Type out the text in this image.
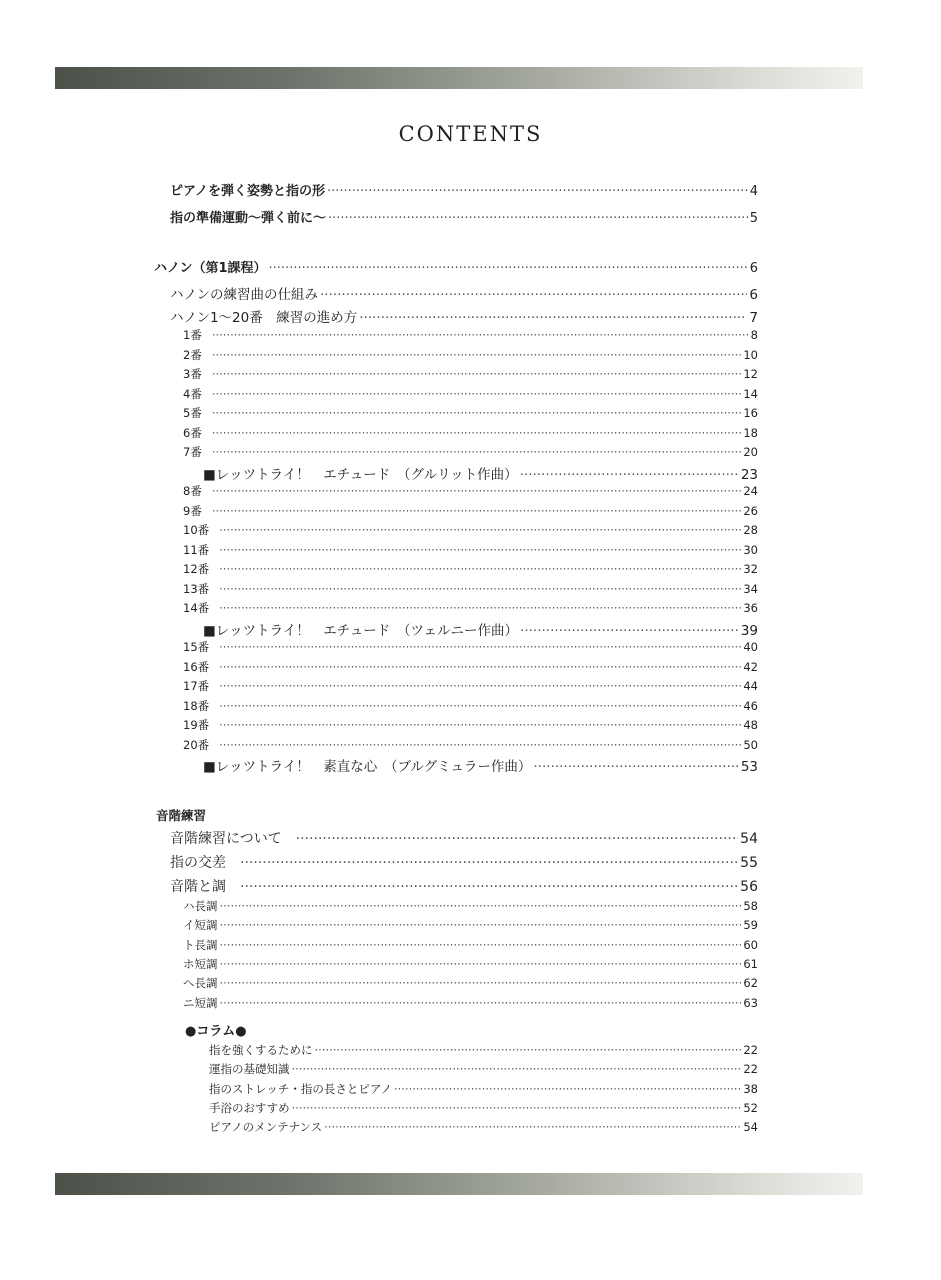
CONTENTS
ピアノを弾く姿勢と指の形 ·····	4
指の準備運動～弾く前に～ ·····	5
ハノン（第1課程） ·····	6
ハノンの練習曲の仕組み ·····	6
ハノン1～20番　練習の進め方 ·····	7
1番 ·····	8
2番 ·····	10
3番 ·····	12
4番 ·····	14
5番 ·····	16
6番 ·····	18
7番 ·····	20
■レッツトライ！　エチュード　（グルリット作曲） ·····	23
8番 ·····	24
9番 ·····	26
10番 ·····	28
11番 ·····	30
12番 ·····	32
13番 ·····	34
14番 ·····	36
■レッツトライ！　エチュード　（ツェルニー作曲） ·····	39
15番 ·····	40
16番 ·····	42
17番 ·····	44
18番 ·····	46
19番 ·····	48
20番 ·····	50
■レッツトライ！　素直な心　（ブルグミュラー作曲） ·····	53
音階練習
音階練習について ·····	54
指の交差 ·····	55
音階と調 ·····	56
ハ長調 ·····	58
イ短調 ·····	59
ト長調 ·····	60
ホ短調 ·····	61
ヘ長調 ·····	62
ニ短調 ·····	63
●コラム●
指を強くするために ·····	22
運指の基礎知識 ·····	22
指のストレッチ・指の長さとピアノ ·····	38
手浴のおすすめ ·····	52
ピアノのメンテナンス ·····	54
